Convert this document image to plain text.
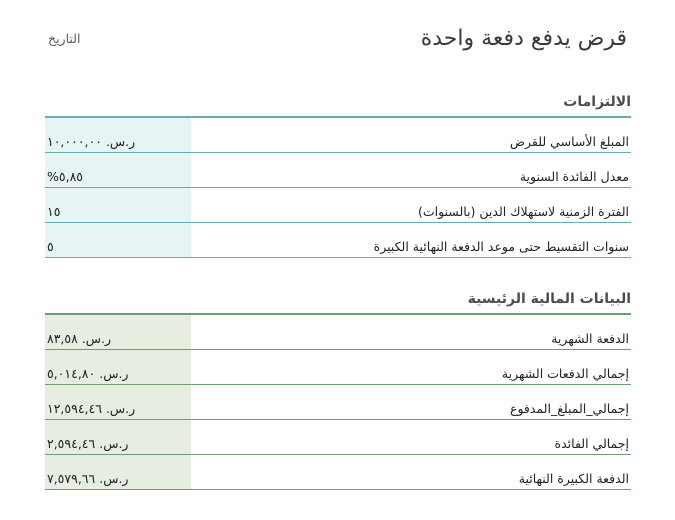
قرض يدفع دفعة واحدة
التاريخ
الالتزامات
المبلغ الأساسي للقرض
ر.س. ١٠,٠٠٠,٠٠
معدل الفائدة السنوية
%٥,٨٥
الفترة الزمنية لاستهلاك الدين (بالسنوات)
١٥
سنوات التقسيط حتى موعد الدفعة النهائية الكبيرة
٥
البيانات المالية الرئيسية
الدفعة الشهرية
ر.س. ٨٣,٥٨
إجمالي الدفعات الشهرية
ر.س. ٥,٠١٤,٨٠
إجمالي_المبلغ_المدفوع
ر.س. ١٢,٥٩٤,٤٦
إجمالي الفائدة
ر.س. ٢,٥٩٤,٤٦
الدفعة الكبيرة النهائية
ر.س. ٧,٥٧٩,٦٦
